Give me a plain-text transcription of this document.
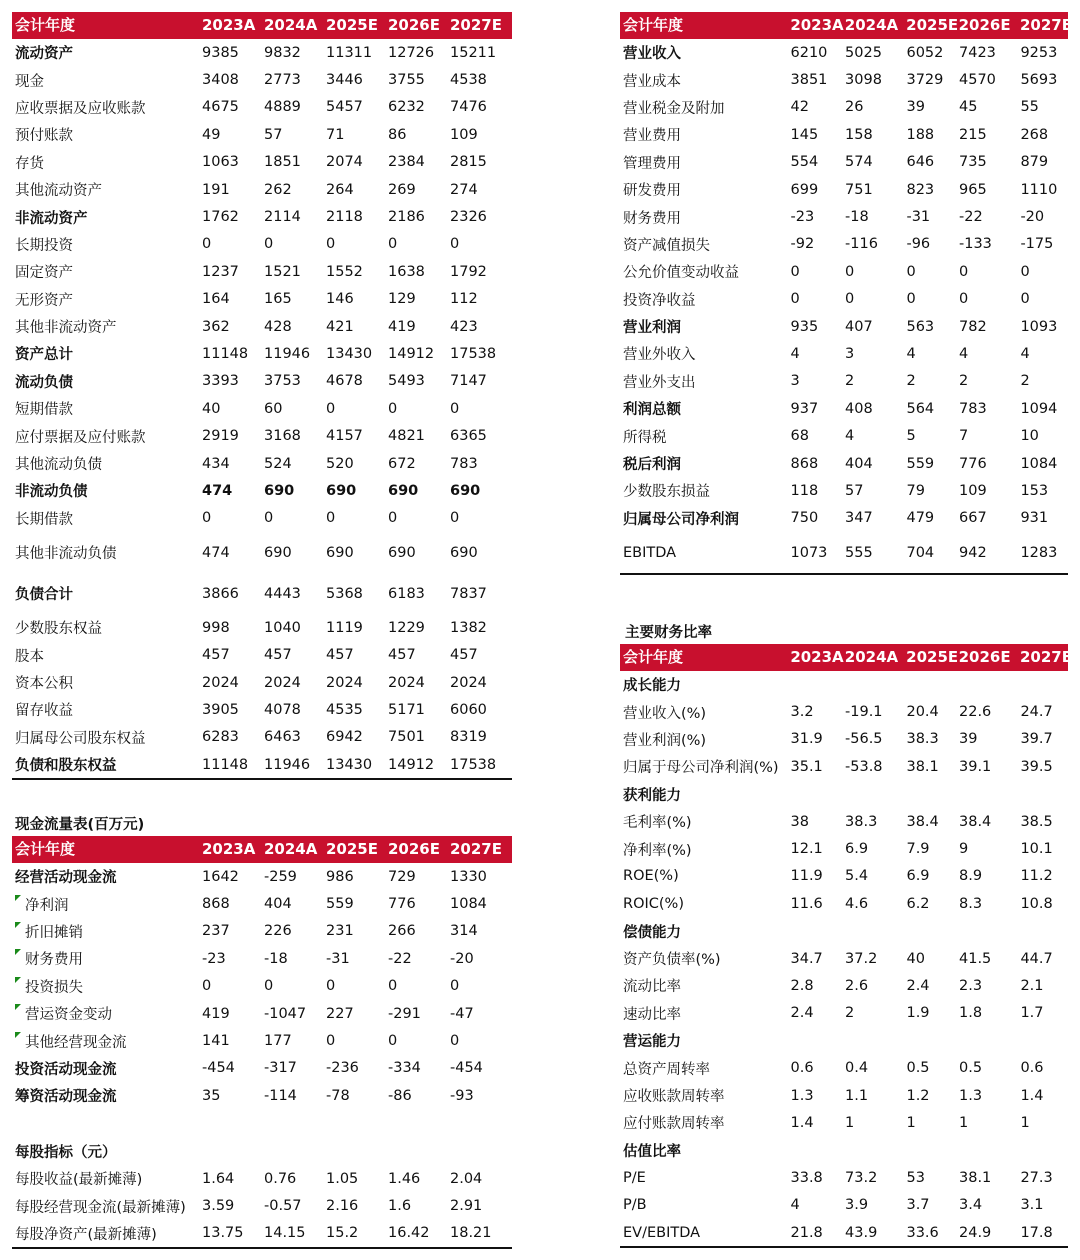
会计年度	2023A 2024A 2025E 2026E 2027E
流动资产	9385	9832	11311	12726	15211
现金	3408	2773	3446	3755	4538
应收票据及应收账款	4675	4889	5457	6232	7476
预付账款	49	57	71	86	109
存货	1063	1851	2074	2384	2815
其他流动资产	191	262	264	269	274
非流动资产	1762	2114	2118	2186	2326
长期投资	0	0	0	0	0
固定资产	1237	1521	1552	1638	1792
无形资产	164	165	146	129	112
其他非流动资产	362	428	421	419	423
资产总计	11148	11946	13430	14912	17538
流动负债	3393	3753	4678	5493	7147
短期借款	40	60	0	0	0
应付票据及应付账款	2919	3168	4157	4821	6365
其他流动负债	434	524	520	672	783
非流动负债	474	690	690	690	690
长期借款	0	0	0	0	0
其他非流动负债	474	690	690	690	690
负债合计	3866	4443	5368	6183	7837
少数股东权益	998	1040	1119	1229	1382
股本	457	457	457	457	457
资本公积	2024	2024	2024	2024	2024
留存收益	3905	4078	4535	5171	6060
归属母公司股东权益	6283	6463	6942	7501	8319
负债和股东权益	11148	11946	13430	14912	17538
现金流量表(百万元)
会计年度	2023A 2024A 2025E 2026E 2027E
经营活动现金流	1642	-259	986	729	1330
净利润	868	404	559	776	1084
折旧摊销	237	226	231	266	314
财务费用	-23	-18	-31	-22	-20
投资损失	0	0	0	0	0
营运资金变动	419	-1047	227	-291	-47
其他经营现金流	141	177	0	0	0
投资活动现金流	-454	-317	-236	-334	-454
筹资活动现金流	35	-114	-78	-86	-93
每股指标（元）
每股收益(最新摊薄)	1.64	0.76	1.05	1.46	2.04
每股经营现金流(最新摊薄)	3.59	-0.57	2.16	1.6	2.91
每股净资产(最新摊薄)	13.75	14.15	15.2	16.42	18.21
会计年度	2023A 2024A 2025E 2026E 2027E
营业收入	6210	5025	6052	7423	9253
营业成本	3851	3098	3729	4570	5693
营业税金及附加	42	26	39	45	55
营业费用	145	158	188	215	268
管理费用	554	574	646	735	879
研发费用	699	751	823	965	1110
财务费用	-23	-18	-31	-22	-20
资产减值损失	-92	-116	-96	-133	-175
公允价值变动收益	0	0	0	0	0
投资净收益	0	0	0	0	0
营业利润	935	407	563	782	1093
营业外收入	4	3	4	4	4
营业外支出	3	2	2	2	2
利润总额	937	408	564	783	1094
所得税	68	4	5	7	10
税后利润	868	404	559	776	1084
少数股东损益	118	57	79	109	153
归属母公司净利润	750	347	479	667	931
EBITDA	1073	555	704	942	1283
主要财务比率
会计年度	2023A 2024A 2025E 2026E 2027E
成长能力
营业收入(%)	3.2	-19.1	20.4	22.6	24.7
营业利润(%)	31.9	-56.5	38.3	39	39.7
归属于母公司净利润(%) 35.1	-53.8	38.1	39.1	39.5
获利能力
毛利率(%)	38	38.3	38.4	38.4	38.5
净利率(%)	12.1	6.9	7.9	9	10.1
ROE(%)	11.9	5.4	6.9	8.9	11.2
ROIC(%)	11.6	4.6	6.2	8.3	10.8
偿债能力
资产负债率(%)	34.7	37.2	40	41.5	44.7
流动比率	2.8	2.6	2.4	2.3	2.1
速动比率	2.4	2	1.9	1.8	1.7
营运能力
总资产周转率	0.6	0.4	0.5	0.5	0.6
应收账款周转率	1.3	1.1	1.2	1.3	1.4
应付账款周转率	1.4	1	1	1	1
估值比率
P/E	33.8	73.2	53	38.1	27.3
P/B	4	3.9	3.7	3.4	3.1
EV/EBITDA	21.8	43.9	33.6	24.9	17.8
